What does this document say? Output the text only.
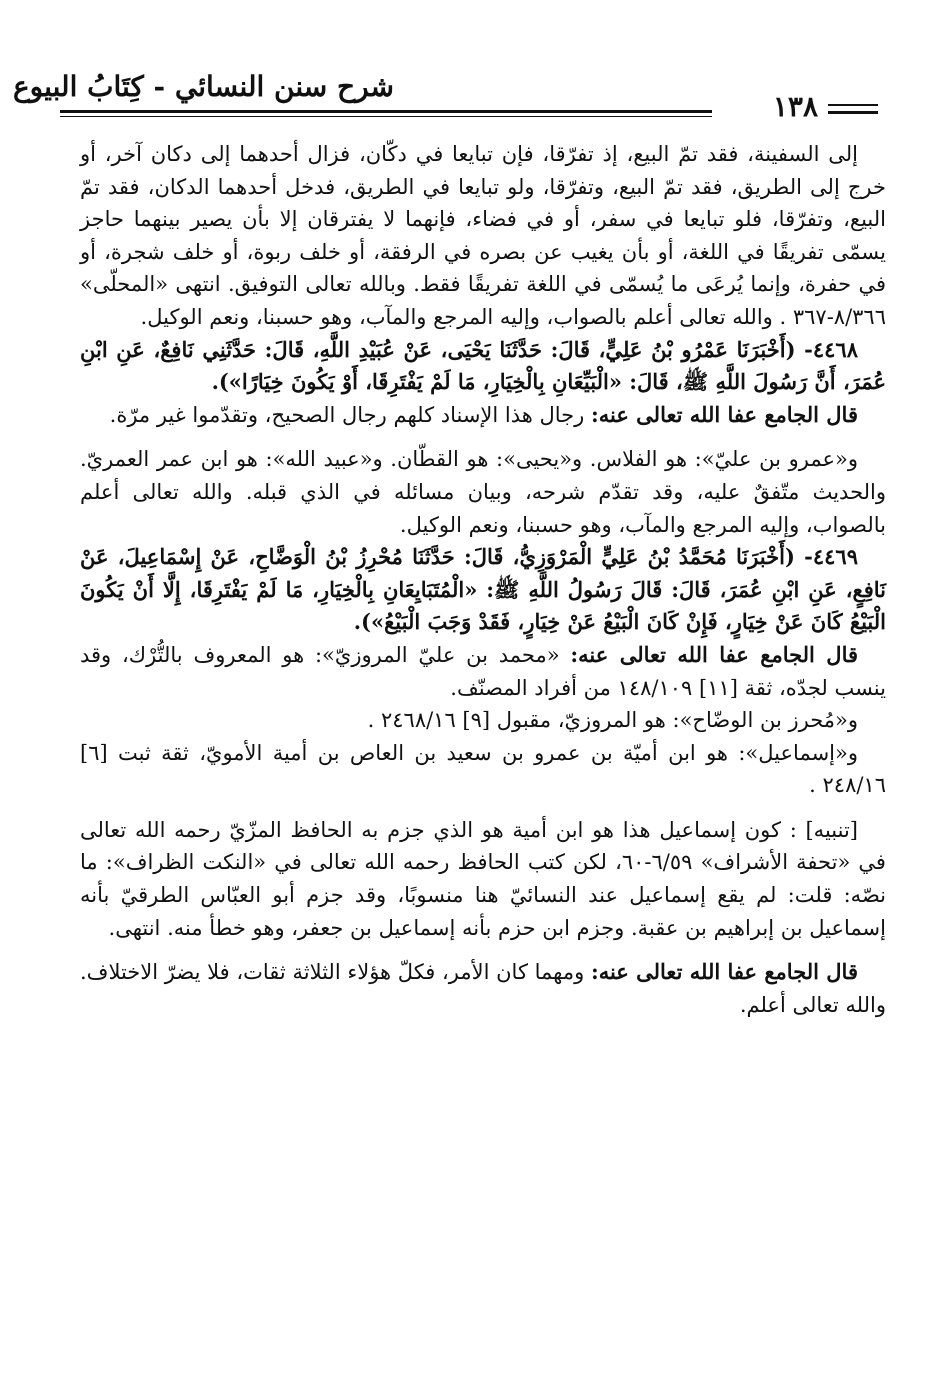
شرح سنن النسائي - كِتَابُ البيوع
١٣٨

إلى السفينة، فقد تمّ البيع، إذ تفرّقا، فإن تبايعا في دكّان، فزال أحدهما إلى دكان آخر، أو خرج إلى الطريق، فقد تمّ البيع، وتفرّقا، ولو تبايعا في الطريق، فدخل أحدهما الدكان، فقد تمّ البيع، وتفرّقا، فلو تبايعا في سفر، أو في فضاء، فإنهما لا يفترقان إلا بأن يصير بينهما حاجز يسمّى تفريقًا في اللغة، أو بأن يغيب عن بصره في الرفقة، أو خلف ربوة، أو خلف شجرة، أو في حفرة، وإنما يُرعَى ما يُسمّى في اللغة تفريقًا فقط. وبالله تعالى التوفيق. انتهى «المحلّى» ٨/٣٦٦-٣٦٧ . والله تعالى أعلم بالصواب، وإليه المرجع والمآب، وهو حسبنا، ونعم الوكيل.

٤٤٦٨- (أَخْبَرَنَا عَمْرُو بْنُ عَلِيٍّ، قَالَ: حَدَّثَنَا يَحْيَى، عَنْ عُبَيْدِ اللَّهِ، قَالَ: حَدَّثَنِي نَافِعٌ، عَنِ ابْنِ عُمَرَ، أَنَّ رَسُولَ اللَّهِ ﷺ، قَالَ: «الْبَيِّعَانِ بِالْخِيَارِ، مَا لَمْ يَفْتَرِقَا، أَوْ يَكُونَ خِيَارًا»).

قال الجامع عفا الله تعالى عنه: رجال هذا الإسناد كلهم رجال الصحيح، وتقدّموا غير مرّة.

و«عمرو بن عليّ»: هو الفلاس. و«يحيى»: هو القطّان. و«عبيد الله»: هو ابن عمر العمريّ. والحديث متّفقٌ عليه، وقد تقدّم شرحه، وبيان مسائله في الذي قبله. والله تعالى أعلم بالصواب، وإليه المرجع والمآب، وهو حسبنا، ونعم الوكيل.

٤٤٦٩- (أَخْبَرَنَا مُحَمَّدُ بْنُ عَلِيٍّ الْمَرْوَزِيُّ، قَالَ: حَدَّثَنَا مُحْرِزُ بْنُ الْوَضَّاحِ، عَنْ إِسْمَاعِيلَ، عَنْ نَافِعٍ، عَنِ ابْنِ عُمَرَ، قَالَ: قَالَ رَسُولُ اللَّهِ ﷺ: «الْمُتَبَايِعَانِ بِالْخِيَارِ، مَا لَمْ يَفْتَرِقَا، إِلَّا أَنْ يَكُونَ الْبَيْعُ كَانَ عَنْ خِيَارٍ، فَإِنْ كَانَ الْبَيْعُ عَنْ خِيَارٍ، فَقَدْ وَجَبَ الْبَيْعُ»).

قال الجامع عفا الله تعالى عنه: «محمد بن عليّ المروزيّ»: هو المعروف بالتُّرْك، وقد ينسب لجدّه، ثقة [١١] ١٤٨/١٠٩ من أفراد المصنّف.

و«مُحرز بن الوضّاح»: هو المروزيّ، مقبول [٩] ٢٤٦٨/١٦ .

و«إسماعيل»: هو ابن أميّة بن عمرو بن سعيد بن العاص بن أمية الأمويّ، ثقة ثبت [٦] ٢٤٨/١٦ .

[تنبيه] : كون إسماعيل هذا هو ابن أمية هو الذي جزم به الحافظ المزّيّ رحمه الله تعالى في «تحفة الأشراف» ٦/٥٩-٦٠، لكن كتب الحافظ رحمه الله تعالى في «النكت الظراف»: ما نصّه: قلت: لم يقع إسماعيل عند النسائيّ هنا منسوبًا، وقد جزم أبو العبّاس الطرقيّ بأنه إسماعيل بن إبراهيم بن عقبة. وجزم ابن حزم بأنه إسماعيل بن جعفر، وهو خطأ منه. انتهى.

قال الجامع عفا الله تعالى عنه: ومهما كان الأمر، فكلّ هؤلاء الثلاثة ثقات، فلا يضرّ الاختلاف. والله تعالى أعلم.
